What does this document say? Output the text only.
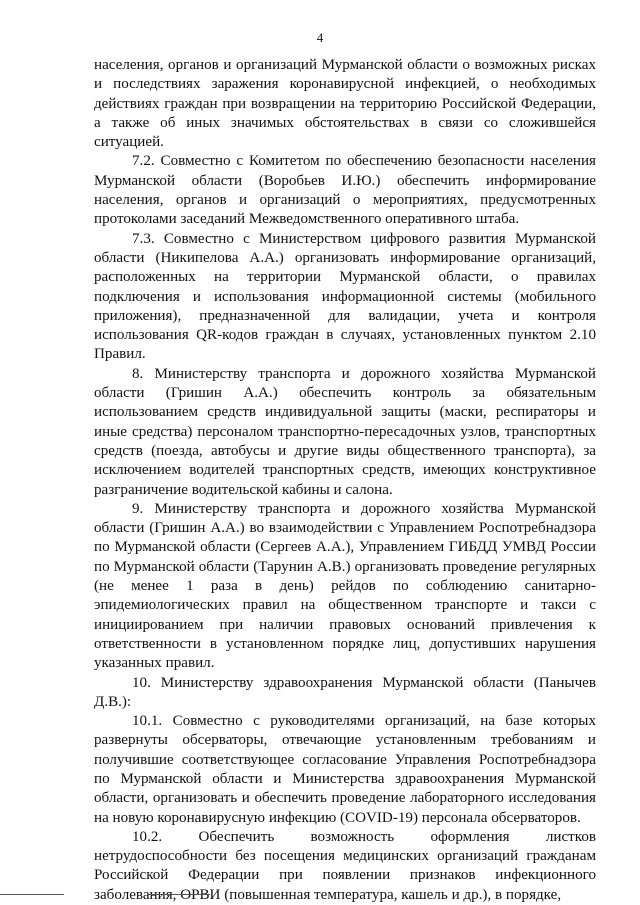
4

населения, органов и организаций Мурманской области о возможных рисках и последствиях заражения коронавирусной инфекцией, о необходимых действиях граждан при возвращении на территорию Российской Федерации, а также об иных значимых обстоятельствах в связи со сложившейся ситуацией.

7.2. Совместно с Комитетом по обеспечению безопасности населения Мурманской области (Воробьев И.Ю.) обеспечить информирование населения, органов и организаций о мероприятиях, предусмотренных протоколами заседаний Межведомственного оперативного штаба.

7.3. Совместно с Министерством цифрового развития Мурманской области (Никипелова А.А.) организовать информирование организаций, расположенных на территории Мурманской области, о правилах подключения и использования информационной системы (мобильного приложения), предназначенной для валидации, учета и контроля использования QR-кодов граждан в случаях, установленных пунктом 2.10 Правил.

8. Министерству транспорта и дорожного хозяйства Мурманской области (Гришин А.А.) обеспечить контроль за обязательным использованием средств индивидуальной защиты (маски, респираторы и иные средства) персоналом транспортно-пересадочных узлов, транспортных средств (поезда, автобусы и другие виды общественного транспорта), за исключением водителей транспортных средств, имеющих конструктивное разграничение водительской кабины и салона.

9. Министерству транспорта и дорожного хозяйства Мурманской области (Гришин А.А.) во взаимодействии с Управлением Роспотребнадзора по Мурманской области (Сергеев А.А.), Управлением ГИБДД УМВД России по Мурманской области (Тарунин А.В.) организовать проведение регулярных (не менее 1 раза в день) рейдов по соблюдению санитарно-эпидемиологических правил на общественном транспорте и такси с инициированием при наличии правовых оснований привлечения к ответственности в установленном порядке лиц, допустивших нарушения указанных правил.

10. Министерству здравоохранения Мурманской области (Панычев Д.В.):

10.1. Совместно с руководителями организаций, на базе которых развернуты обсерваторы, отвечающие установленным требованиям и получившие соответствующее согласование Управления Роспотребнадзора по Мурманской области и Министерства здравоохранения Мурманской области, организовать и обеспечить проведение лабораторного исследования на новую коронавирусную инфекцию (COVID-19) персонала обсерваторов.

10.2. Обеспечить возможность оформления листков нетрудоспособности без посещения медицинских организаций гражданам Российской Федерации при появлении признаков инфекционного заболевания, ОРВИ (повышенная температура, кашель и др.), в порядке,
